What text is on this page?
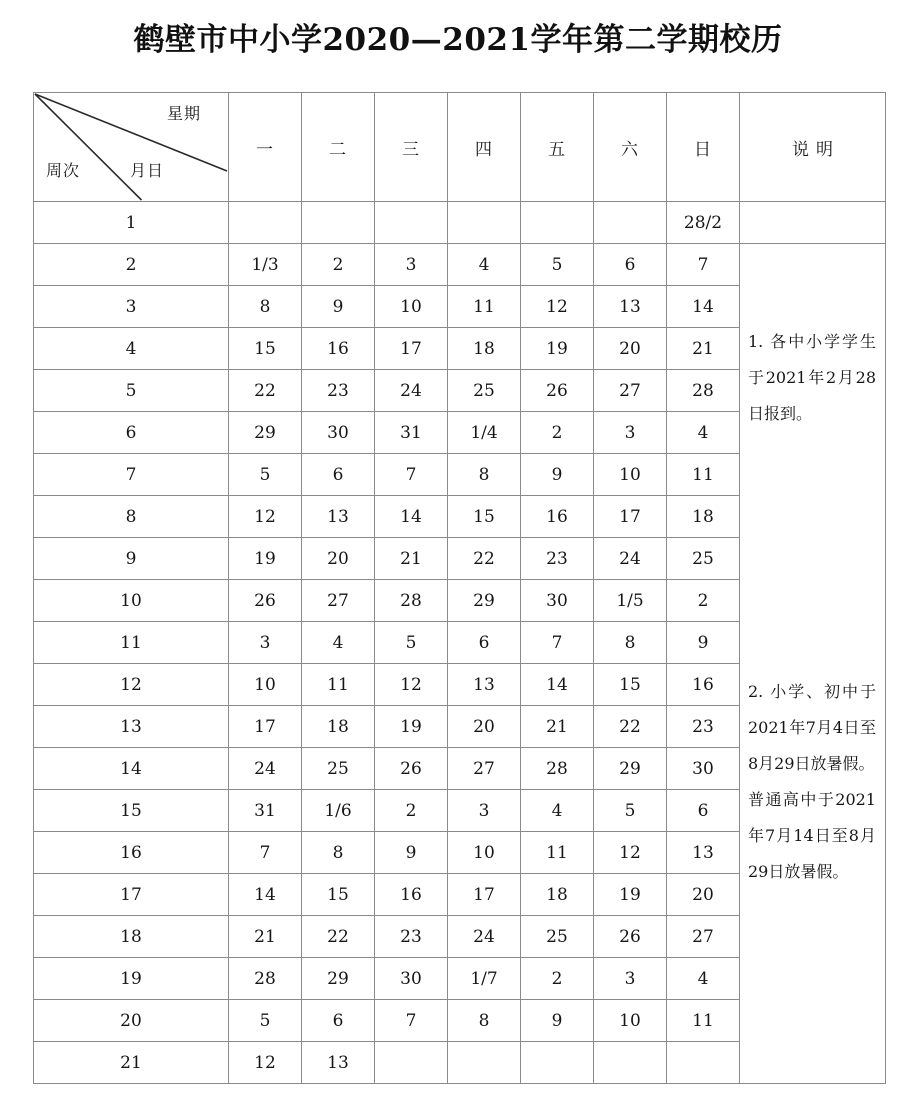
鹤壁市中小学2020—2021学年第二学期校历
星期
月日
周次	一	二	三	四	五	六	日	说明
1							28/2	
2	1/3	2	3	4	5	6	7	1. 各中小学学生于2021年2月28日报到。

2. 小学、初中于2021年7月4日至8月29日放暑假。

普通高中于2021年7月14日至8月29日放暑假。

3	8	9	10	11	12	13	14	
4	15	16	17	18	19	20	21	
5	22	23	24	25	26	27	28	
6	29	30	31	1/4	2	3	4	
7	5	6	7	8	9	10	11	
8	12	13	14	15	16	17	18	
9	19	20	21	22	23	24	25	
10	26	27	28	29	30	1/5	2	
11	3	4	5	6	7	8	9	
12	10	11	12	13	14	15	16	
13	17	18	19	20	21	22	23	
14	24	25	26	27	28	29	30	
15	31	1/6	2	3	4	5	6	
16	7	8	9	10	11	12	13	
17	14	15	16	17	18	19	20	
18	21	22	23	24	25	26	27	
19	28	29	30	1/7	2	3	4	
20	5	6	7	8	9	10	11	
21	12	13						
